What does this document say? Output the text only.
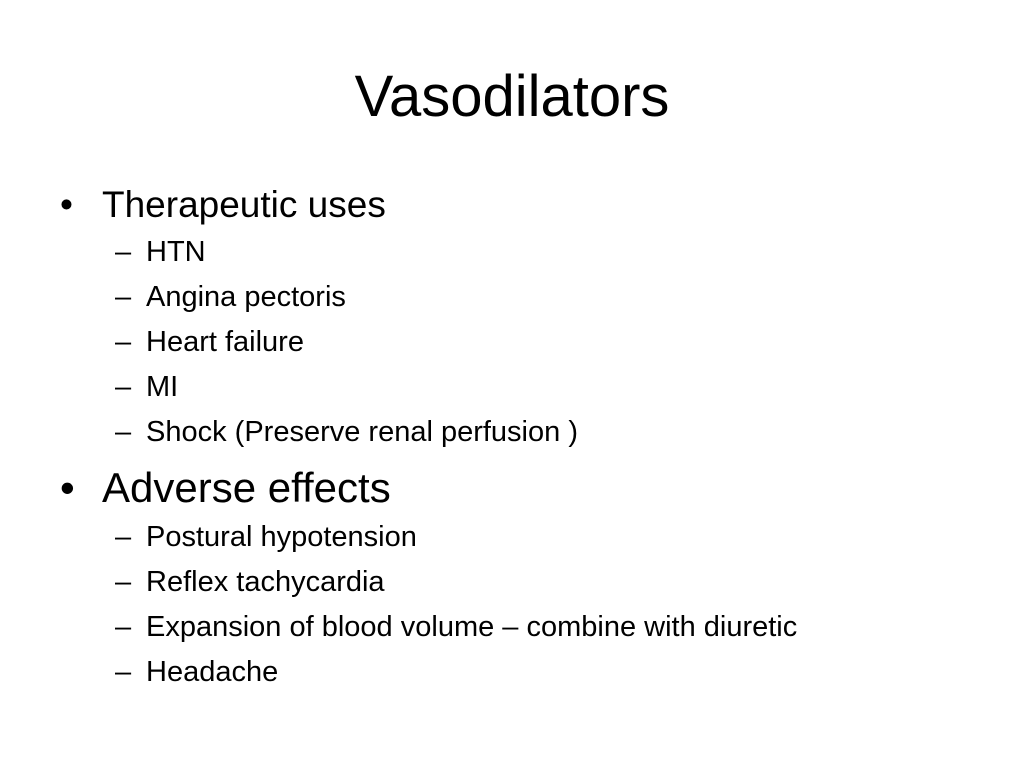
Vasodilators
• Therapeutic uses
– HTN
– Angina pectoris
– Heart failure
– MI
– Shock (Preserve renal perfusion )
• Adverse effects
– Postural hypotension
– Reflex tachycardia
– Expansion of blood volume – combine with diuretic
– Headache
